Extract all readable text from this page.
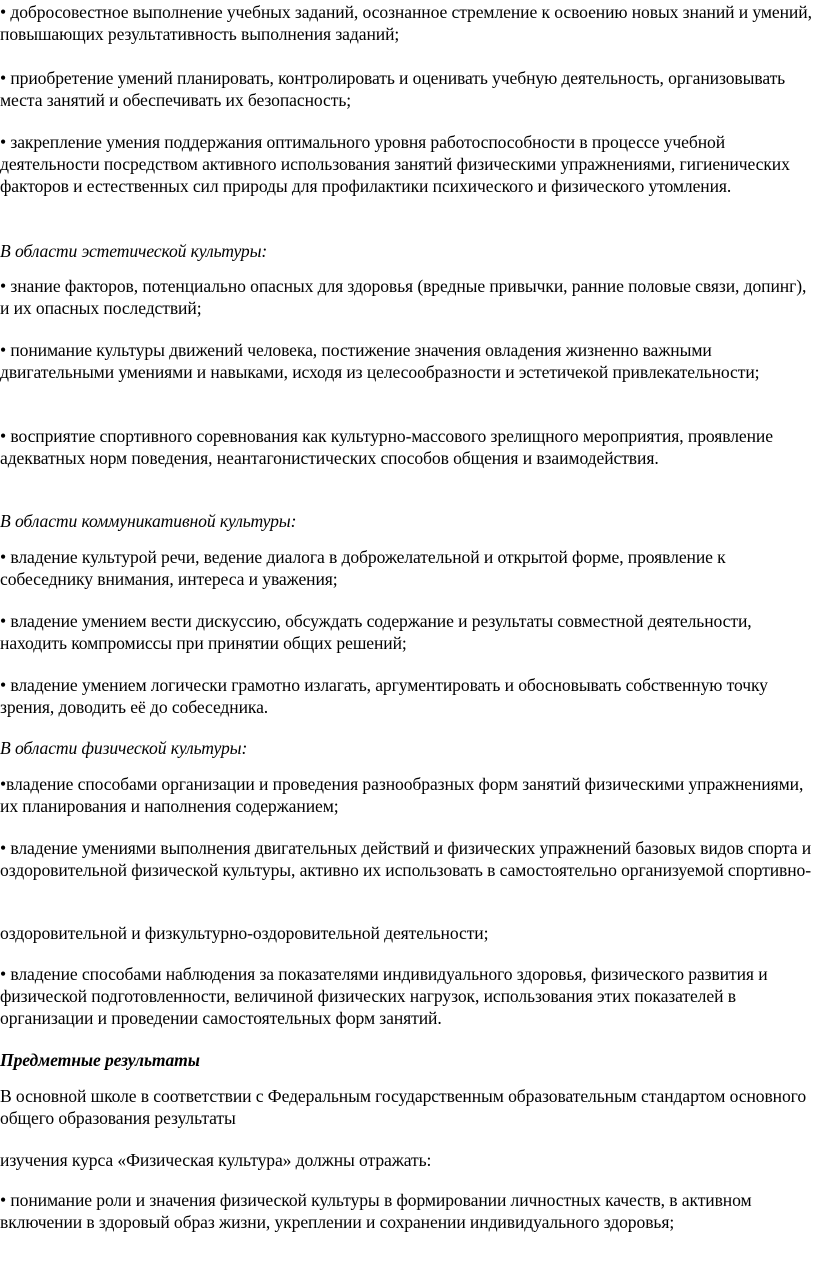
• добросовестное выполнение учебных заданий, осознанное стремление к освоению новых знаний и умений, повышающих результативность выполнения заданий;

• приобретение умений планировать, контролировать и оценивать учебную деятельность, организовывать места занятий и обеспечивать их безопасность;

• закрепление умения поддержания оптимального уровня работоспособности в процессе учебной деятельности посредством активного использования занятий физическими упражнениями, гигиенических факторов и естественных сил природы для профилактики психического и физического утомления.

В области эстетической культуры:

• знание факторов, потенциально опасных для здоровья (вредные привычки, ранние половые связи, допинг), и их опасных последствий;

• понимание культуры движений человека, постижение значения овладения жизненно важными двигательными умениями и навыками, исходя из целесообразности и эстетичекой привлекательности;

• восприятие спортивного соревнования как культурно-массового зрелищного мероприятия, проявление адекватных норм поведения, неантагонистических способов общения и взаимодействия.

В области коммуникативной культуры:

• владение культурой речи, ведение диалога в доброжелательной и открытой форме, проявление к собеседнику внимания, интереса и уважения;

• владение умением вести дискуссию, обсуждать содержание и результаты совместной деятельности, находить компромиссы при принятии общих решений;

• владение умением логически грамотно излагать, аргументировать и обосновывать собственную точку зрения, доводить её до собеседника.

В области физической культуры:

•владение способами организации и проведения разнообразных форм занятий физическими упражнениями, их планирования и наполнения содержанием;

• владение умениями выполнения двигательных действий и физических упражнений базовых видов спорта и оздоровительной физической культуры, активно их использовать в самостоятельно организуемой спортивно-

оздоровительной и физкультурно-оздоровительной деятельности;

• владение способами наблюдения за показателями индивидуального здоровья, физического развития и физической подготовленности, величиной физических нагрузок, использования этих показателей в организации и проведении самостоятельных форм занятий.

Предметные результаты

В основной школе в соответствии с Федеральным государственным образовательным стандартом основного общего образования результаты

изучения курса «Физическая культура» должны отражать:

• понимание роли и значения физической культуры в формировании личностных качеств, в активном включении в здоровый образ жизни, укреплении и сохранении индивидуального здоровья;
